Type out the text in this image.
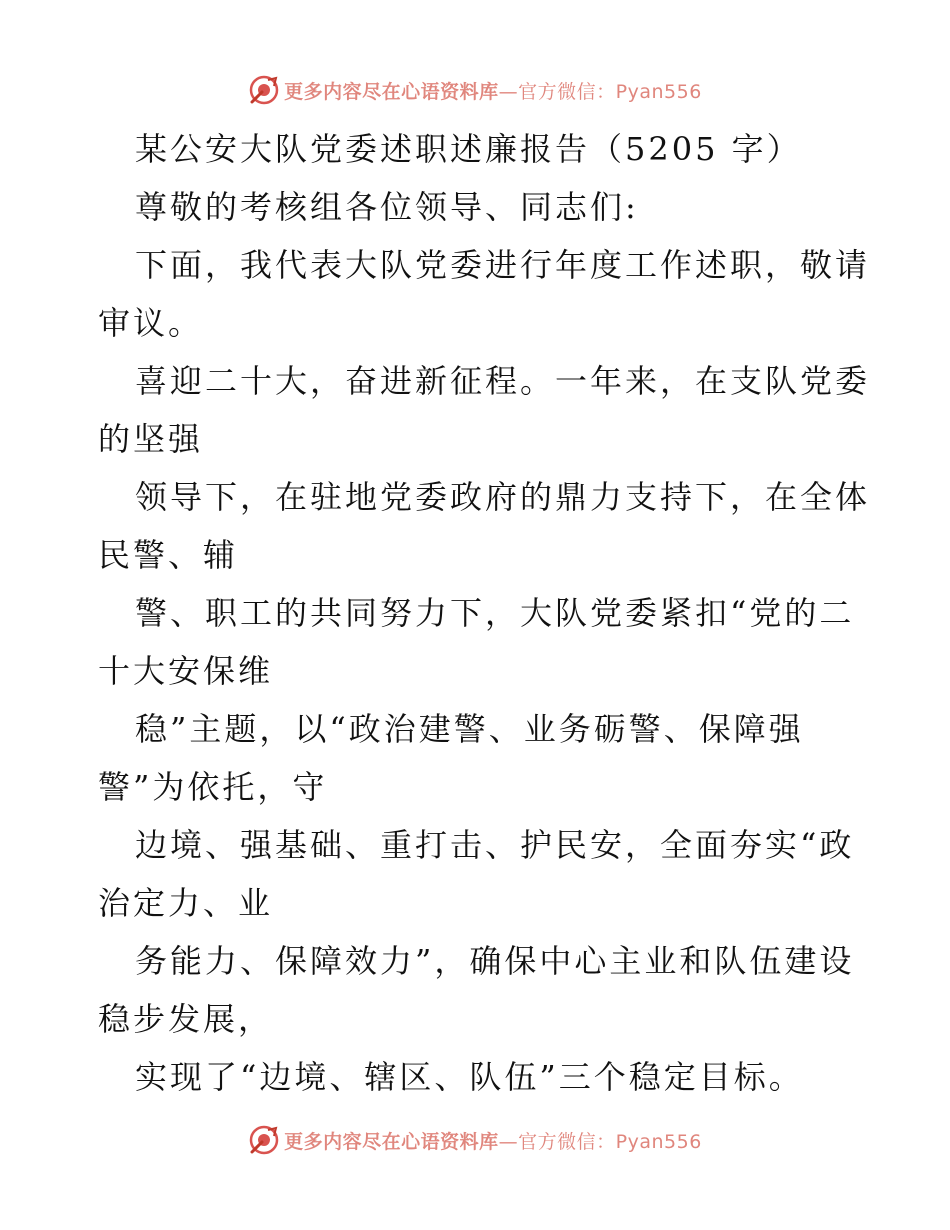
更多内容尽在心语资料库—官方微信：Pyan556
某公安大队党委述职述廉报告（5205 字）
尊敬的考核组各位领导、同志们:
下面，我代表大队党委进行年度工作述职，敬请
审议。
喜迎二十大，奋进新征程。一年来，在支队党委
的坚强
领导下，在驻地党委政府的鼎力支持下，在全体
民警、辅
警、职工的共同努力下，大队党委紧扣“党的二
十大安保维
稳”主题，以“政治建警、业务砺警、保障强
警”为依托，守
边境、强基础、重打击、护民安，全面夯实“政
治定力、业
务能力、保障效力”，确保中心主业和队伍建设
稳步发展，
实现了“边境、辖区、队伍”三个稳定目标。
更多内容尽在心语资料库—官方微信：Pyan556
